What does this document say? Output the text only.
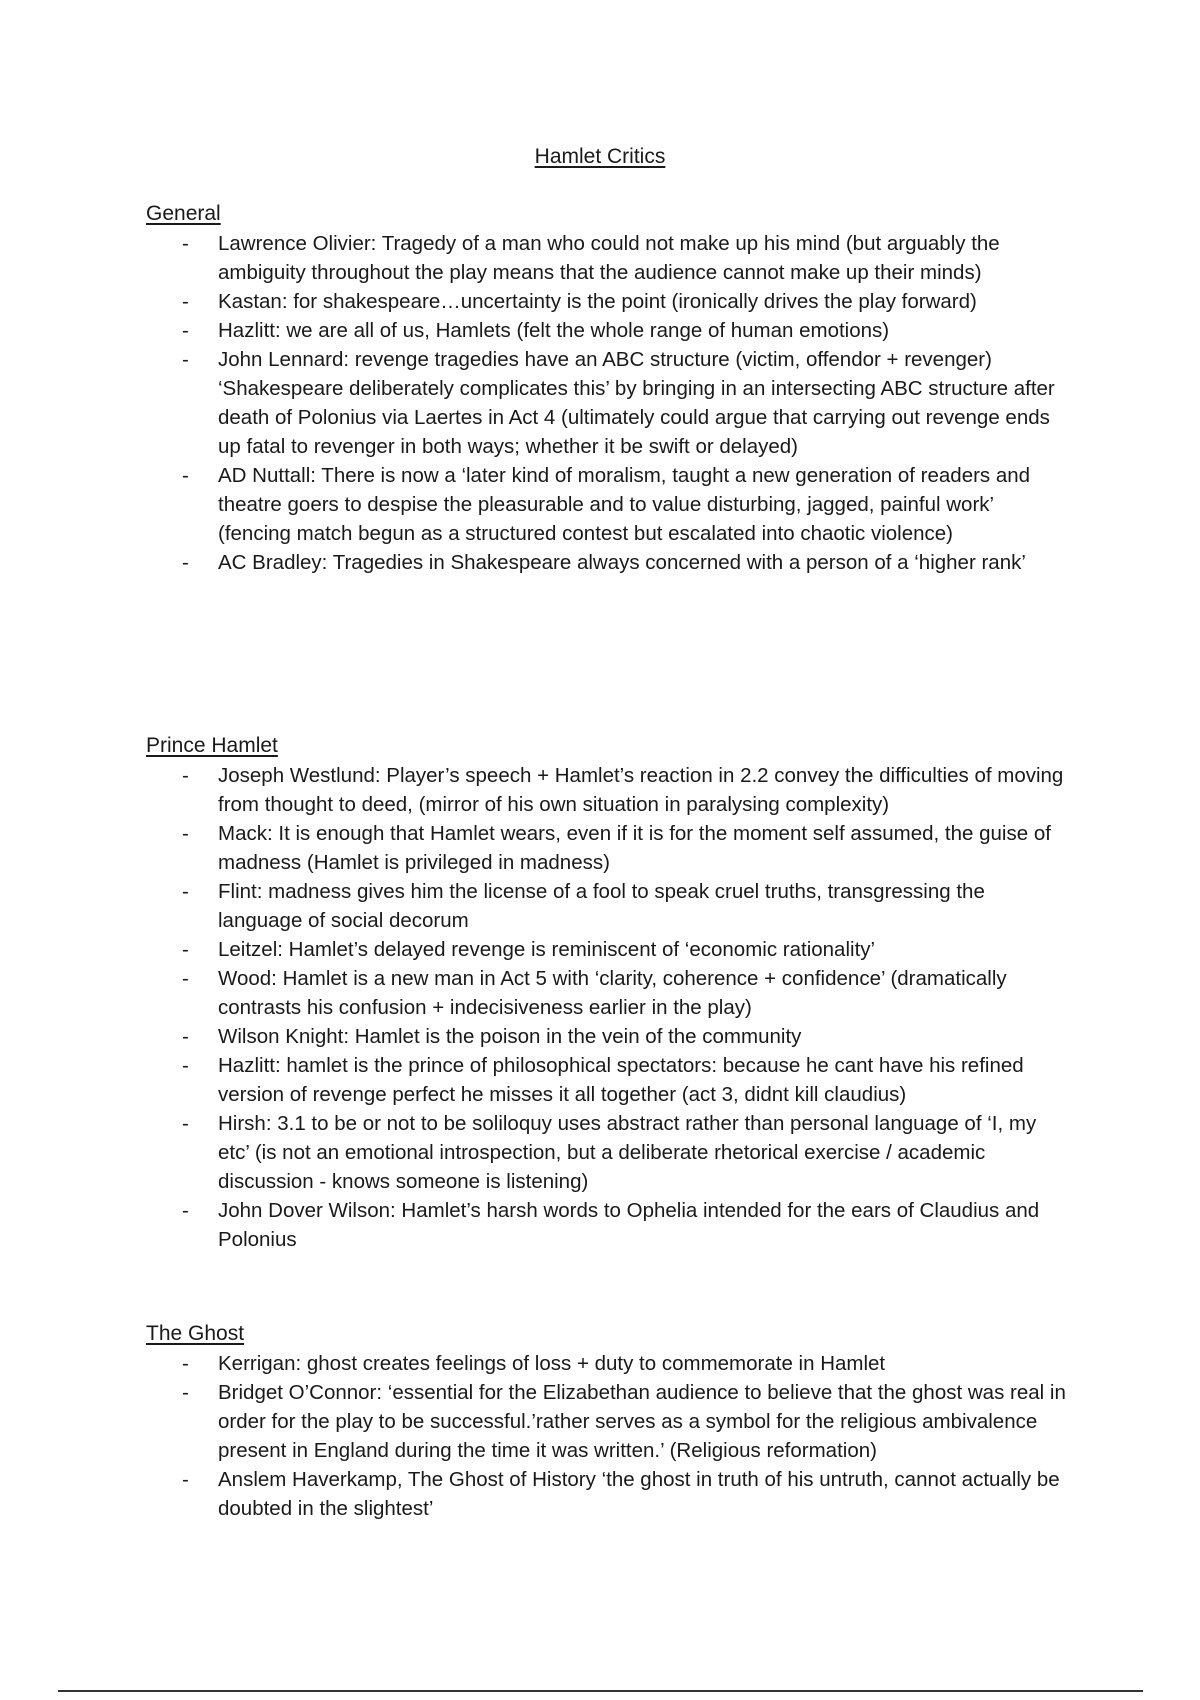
Hamlet Critics
General
- Lawrence Olivier: Tragedy of a man who could not make up his mind (but arguably the ambiguity throughout the play means that the audience cannot make up their minds)
- Kastan: for shakespeare…uncertainty is the point (ironically drives the play forward)
- Hazlitt: we are all of us, Hamlets (felt the whole range of human emotions)
- John Lennard: revenge tragedies have an ABC structure (victim, offendor + revenger) ‘Shakespeare deliberately complicates this’ by bringing in an intersecting ABC structure after death of Polonius via Laertes in Act 4 (ultimately could argue that carrying out revenge ends up fatal to revenger in both ways; whether it be swift or delayed)
- AD Nuttall: There is now a ‘later kind of moralism, taught a new generation of readers and theatre goers to despise the pleasurable and to value disturbing, jagged, painful work’ (fencing match begun as a structured contest but escalated into chaotic violence)
- AC Bradley: Tragedies in Shakespeare always concerned with a person of a ‘higher rank’
Prince Hamlet
- Joseph Westlund: Player’s speech + Hamlet’s reaction in 2.2 convey the difficulties of moving from thought to deed, (mirror of his own situation in paralysing complexity)
- Mack: It is enough that Hamlet wears, even if it is for the moment self assumed, the guise of madness (Hamlet is privileged in madness)
- Flint: madness gives him the license of a fool to speak cruel truths, transgressing the language of social decorum
- Leitzel: Hamlet’s delayed revenge is reminiscent of ‘economic rationality’
- Wood: Hamlet is a new man in Act 5 with ‘clarity, coherence + confidence’ (dramatically contrasts his confusion + indecisiveness earlier in the play)
- Wilson Knight: Hamlet is the poison in the vein of the community
- Hazlitt: hamlet is the prince of philosophical spectators: because he cant have his refined version of revenge perfect he misses it all together (act 3, didnt kill claudius)
- Hirsh: 3.1 to be or not to be soliloquy uses abstract rather than personal language of ‘I, my etc’ (is not an emotional introspection, but a deliberate rhetorical exercise / academic discussion - knows someone is listening)
- John Dover Wilson: Hamlet’s harsh words to Ophelia intended for the ears of Claudius and Polonius
The Ghost
- Kerrigan: ghost creates feelings of loss + duty to commemorate in Hamlet
- Bridget O’Connor: ‘essential for the Elizabethan audience to believe that the ghost was real in order for the play to be successful.’rather serves as a symbol for the religious ambivalence present in England during the time it was written.’ (Religious reformation)
- Anslem Haverkamp, The Ghost of History ‘the ghost in truth of his untruth, cannot actually be doubted in the slightest’
